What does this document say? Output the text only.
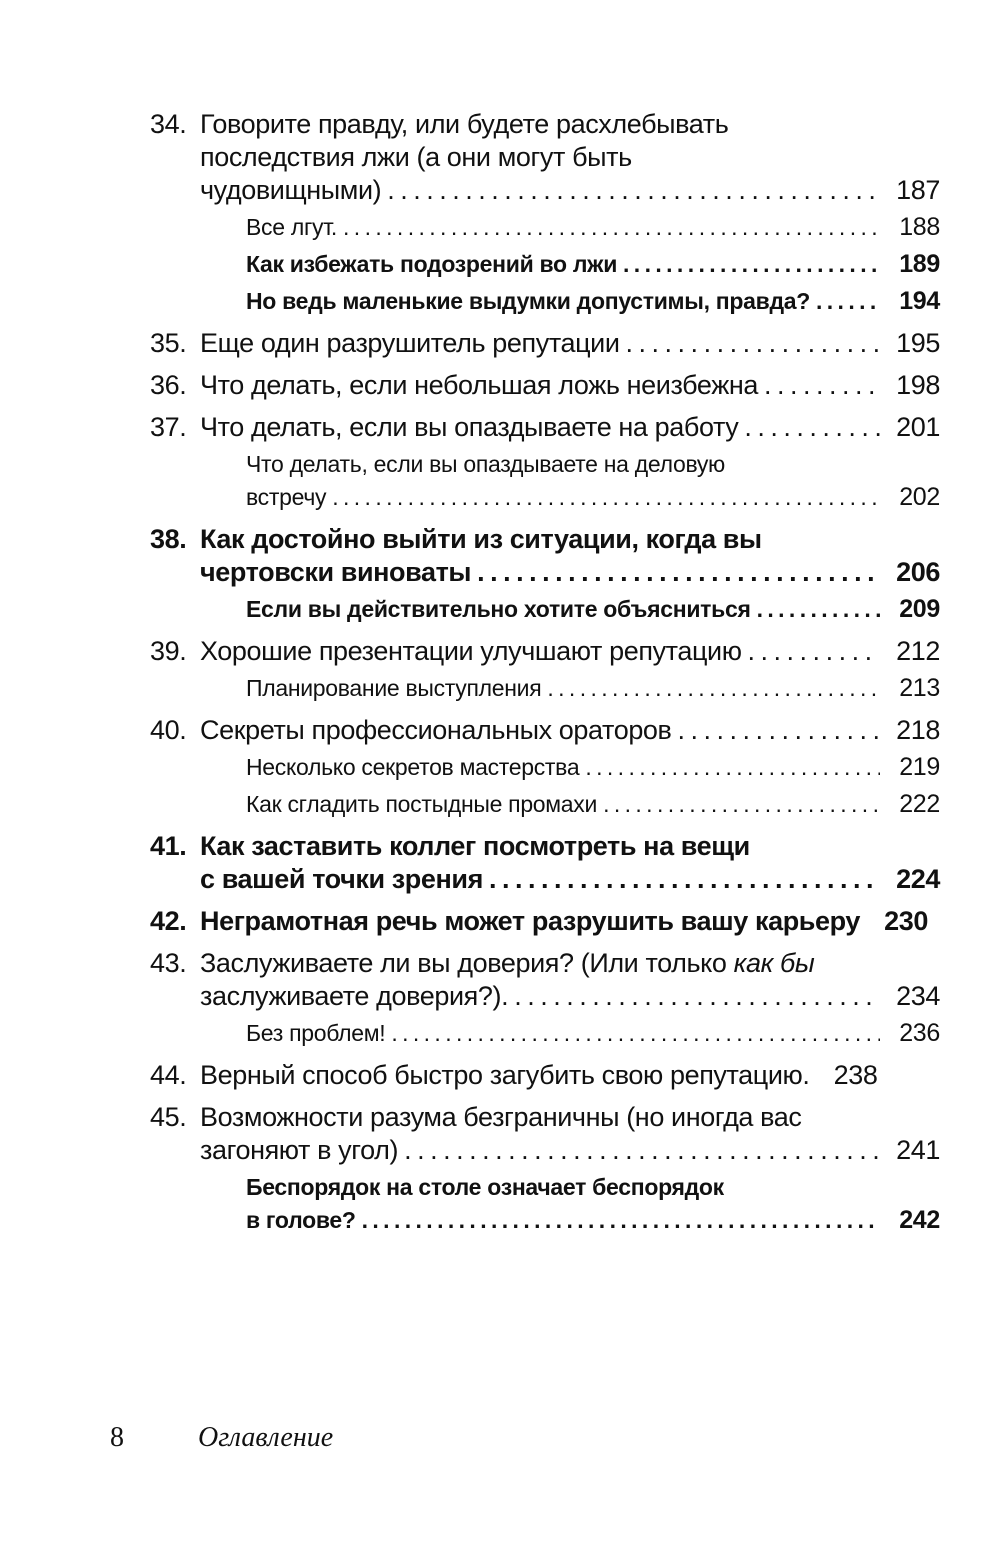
34. Говорите правду, или будете расхлебывать
последствия лжи (а они могут быть
чудовищными) . . .	187
Все лгут. . . .	188
Как избежать подозрений во лжи . . .	189
Но ведь маленькие выдумки допустимы, правда? . . .	194
35. Еще один разрушитель репутации . . .	195
36. Что делать, если небольшая ложь неизбежна . . .	198
37. Что делать, если вы опаздываете на работу . . .	201
Что делать, если вы опаздываете на деловую
встречу . . .	202
38. Как достойно выйти из ситуации, когда вы
чертовски виноваты . . .	206
Если вы действительно хотите объясниться . . .	209
39. Хорошие презентации улучшают репутацию . . .	212
Планирование выступления . . .	213
40. Секреты профессиональных ораторов . . .	218
Несколько секретов мастерства . . .	219
Как сгладить постыдные промахи . . .	222
41. Как заставить коллег посмотреть на вещи
с вашей точки зрения . . .	224
42. Неграмотная речь может разрушить вашу карьеру 230
43. Заслуживаете ли вы доверия? (Или только как бы
заслуживаете доверия?). . . .	234
Без проблем! . . .	236
44. Верный способ быстро загубить свою репутацию. 238
45. Возможности разума безграничны (но иногда вас
загоняют в угол) . . .	241
Беспорядок на столе означает беспорядок
в голове? . . .	242
8	Оглавление
